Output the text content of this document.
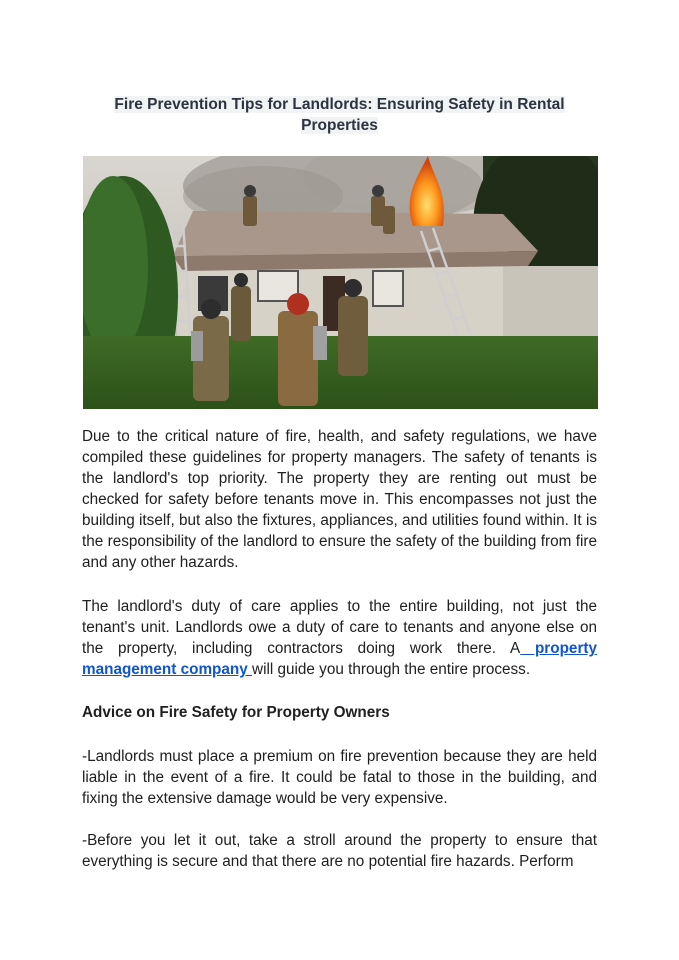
Fire Prevention Tips for Landlords: Ensuring Safety in Rental Properties

Due to the critical nature of fire, health, and safety regulations, we have compiled these guidelines for property managers. The safety of tenants is the landlord's top priority. The property they are renting out must be checked for safety before tenants move in. This encompasses not just the building itself, but also the fixtures, appliances, and utilities found within. It is the responsibility of the landlord to ensure the safety of the building from fire and any other hazards.

The landlord's duty of care applies to the entire building, not just the tenant's unit. Landlords owe a duty of care to tenants and anyone else on the property, including contractors doing work there. A property management company will guide you through the entire process.

Advice on Fire Safety for Property Owners

-Landlords must place a premium on fire prevention because they are held liable in the event of a fire. It could be fatal to those in the building, and fixing the extensive damage would be very expensive.

-Before you let it out, take a stroll around the property to ensure that everything is secure and that there are no potential fire hazards. Perform
